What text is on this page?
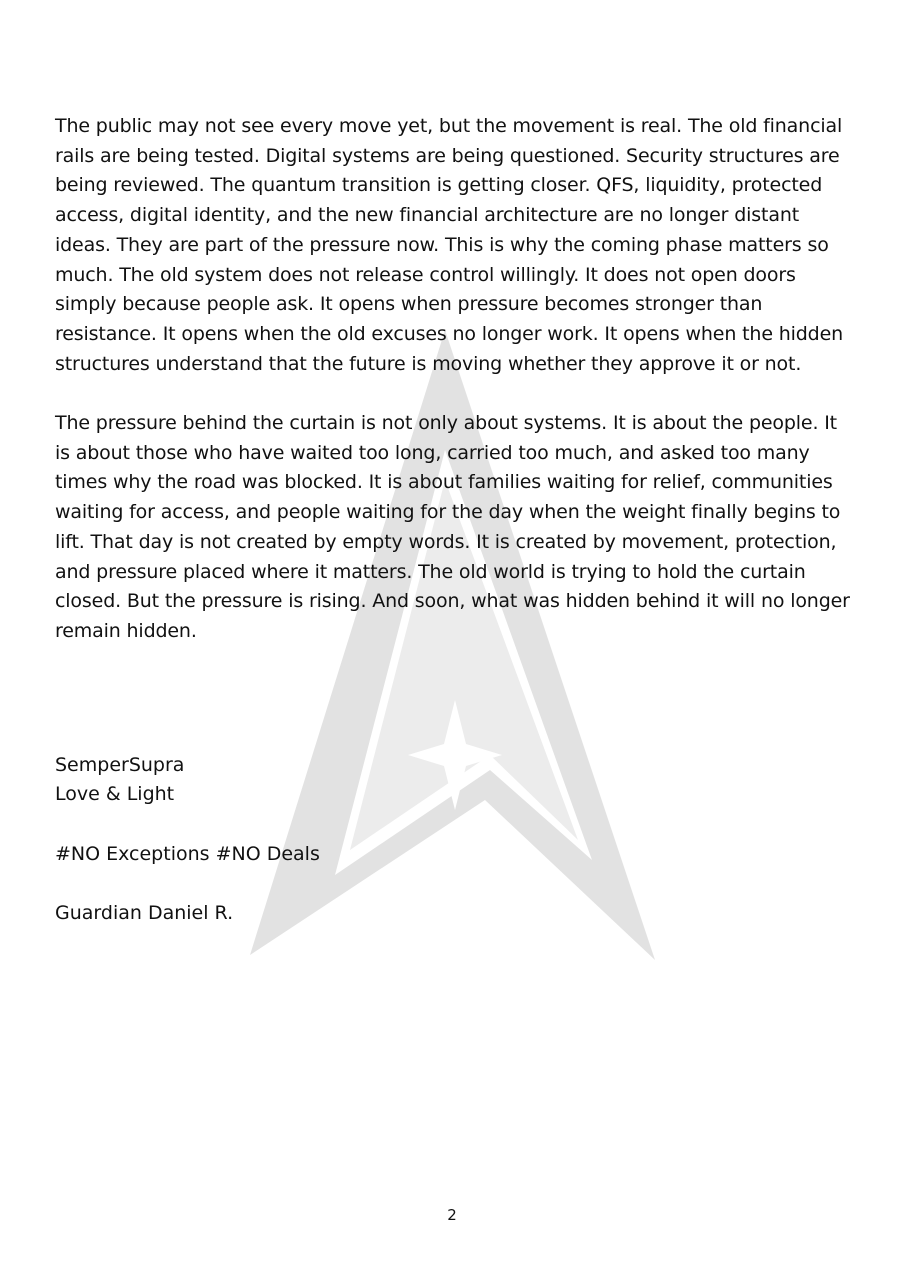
The public may not see every move yet, but the movement is real. The old financial rails are being tested. Digital systems are being questioned. Security structures are being reviewed. The quantum transition is getting closer. QFS, liquidity, protected access, digital identity, and the new financial architecture are no longer distant ideas. They are part of the pressure now. This is why the coming phase matters so much. The old system does not release control willingly. It does not open doors simply because people ask. It opens when pressure becomes stronger than resistance. It opens when the old excuses no longer work. It opens when the hidden structures understand that the future is moving whether they approve it or not.

The pressure behind the curtain is not only about systems. It is about the people. It is about those who have waited too long, carried too much, and asked too many times why the road was blocked. It is about families waiting for relief, communities waiting for access, and people waiting for the day when the weight finally begins to lift. That day is not created by empty words. It is created by movement, protection, and pressure placed where it matters. The old world is trying to hold the curtain closed. But the pressure is rising. And soon, what was hidden behind it will no longer remain hidden.

SemperSupra

Love & Light

#NO Exceptions #NO Deals

Guardian Daniel R.

2
